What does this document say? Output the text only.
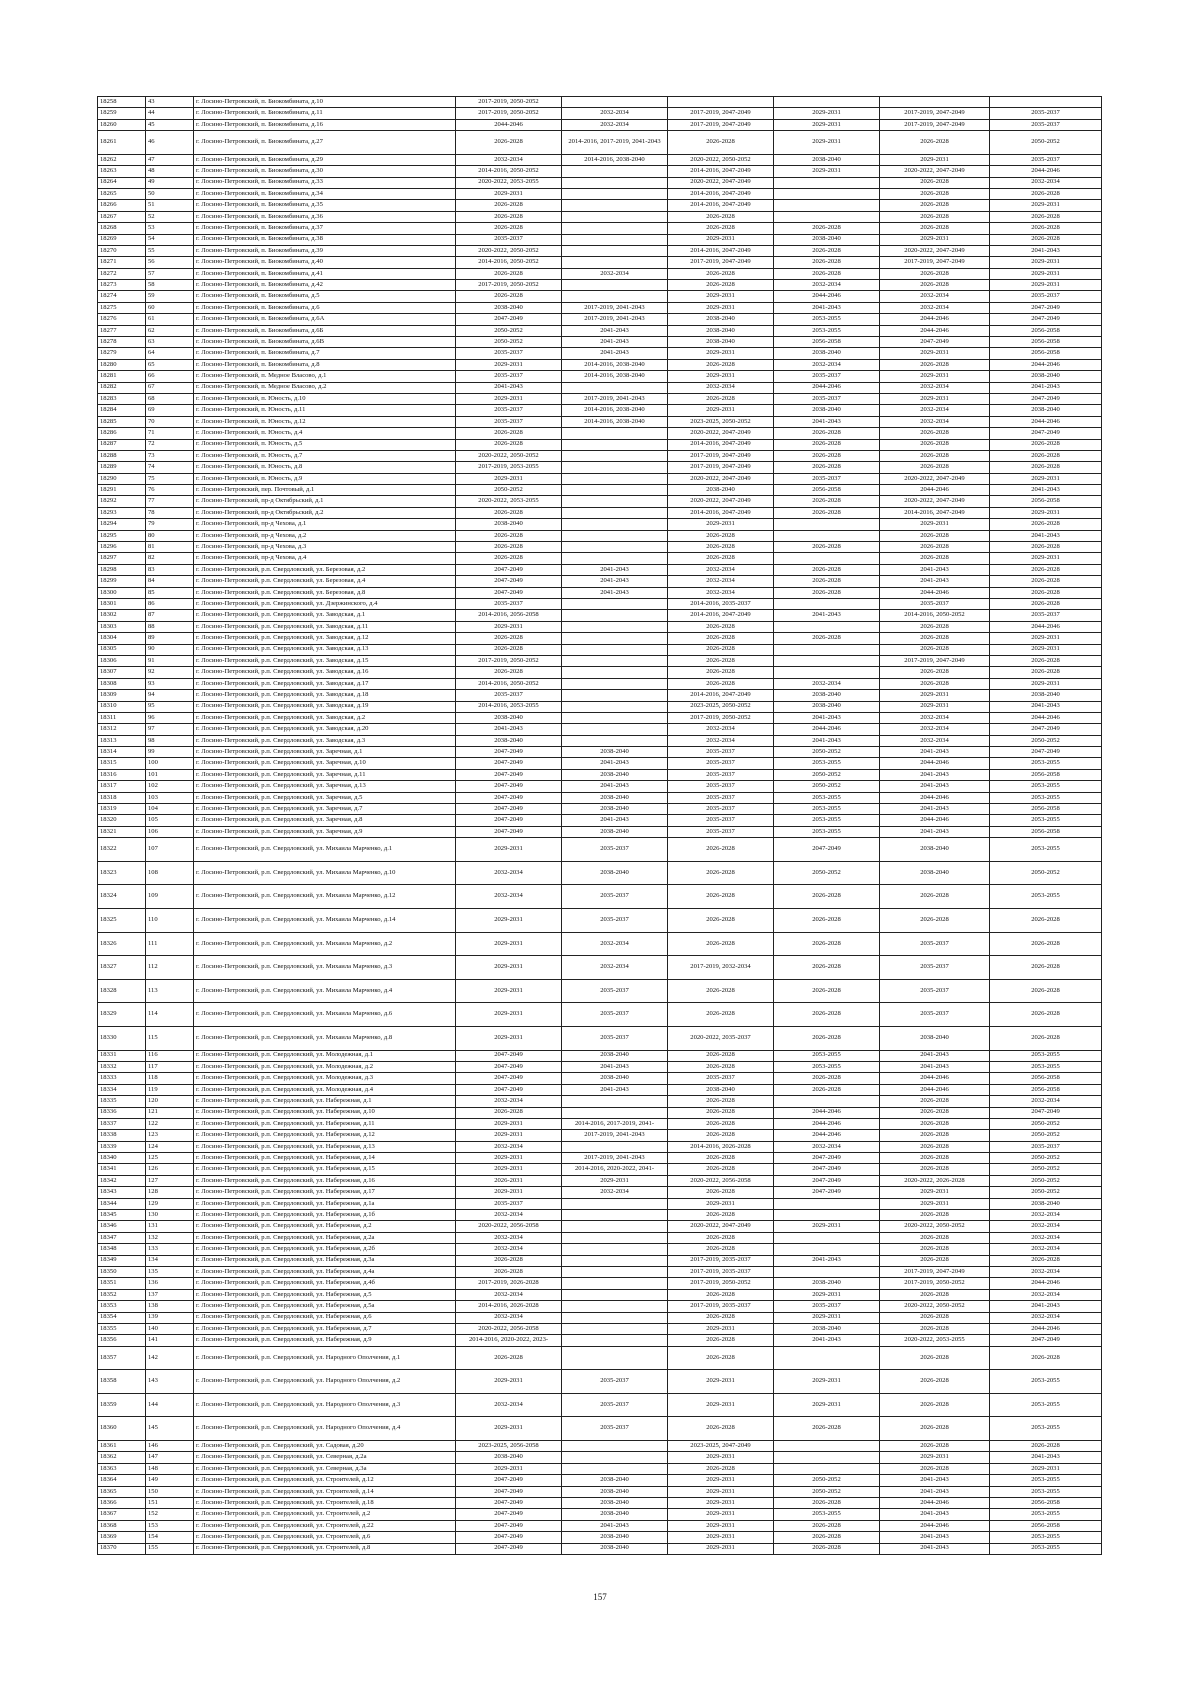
18258	43	г. Лосино-Петровский, п. Биокомбината, д.10	2017-2019, 2050-2052					
18259	44	г. Лосино-Петровский, п. Биокомбината, д.11	2017-2019, 2050-2052	2032-2034	2017-2019, 2047-2049	2029-2031	2017-2019, 2047-2049	2035-2037
18260	45	г. Лосино-Петровский, п. Биокомбината, д.16	2044-2046	2032-2034	2017-2019, 2047-2049	2029-2031	2017-2019, 2047-2049	2035-2037
18261	46	г. Лосино-Петровский, п. Биокомбината, д.27	2026-2028	2014-2016, 2017-2019, 2041-2043	2026-2028	2029-2031	2026-2028	2050-2052
18262	47	г. Лосино-Петровский, п. Биокомбината, д.29	2032-2034	2014-2016, 2038-2040	2020-2022, 2050-2052	2038-2040	2029-2031	2035-2037
18263	48	г. Лосино-Петровский, п. Биокомбината, д.30	2014-2016, 2050-2052		2014-2016, 2047-2049	2029-2031	2020-2022, 2047-2049	2044-2046
18264	49	г. Лосино-Петровский, п. Биокомбината, д.33	2020-2022, 2053-2055		2020-2022, 2047-2049		2026-2028	2032-2034
18265	50	г. Лосино-Петровский, п. Биокомбината, д.34	2029-2031		2014-2016, 2047-2049		2026-2028	2026-2028
18266	51	г. Лосино-Петровский, п. Биокомбината, д.35	2026-2028		2014-2016, 2047-2049		2026-2028	2029-2031
18267	52	г. Лосино-Петровский, п. Биокомбината, д.36	2026-2028		2026-2028		2026-2028	2026-2028
18268	53	г. Лосино-Петровский, п. Биокомбината, д.37	2026-2028		2026-2028	2026-2028	2026-2028	2026-2028
18269	54	г. Лосино-Петровский, п. Биокомбината, д.38	2035-2037		2029-2031	2038-2040	2029-2031	2026-2028
18270	55	г. Лосино-Петровский, п. Биокомбината, д.39	2020-2022, 2050-2052		2014-2016, 2047-2049	2026-2028	2020-2022, 2047-2049	2041-2043
18271	56	г. Лосино-Петровский, п. Биокомбината, д.40	2014-2016, 2050-2052		2017-2019, 2047-2049	2026-2028	2017-2019, 2047-2049	2029-2031
18272	57	г. Лосино-Петровский, п. Биокомбината, д.41	2026-2028	2032-2034	2026-2028	2026-2028	2026-2028	2029-2031
18273	58	г. Лосино-Петровский, п. Биокомбината, д.42	2017-2019, 2050-2052		2026-2028	2032-2034	2026-2028	2029-2031
18274	59	г. Лосино-Петровский, п. Биокомбината, д.5	2026-2028		2029-2031	2044-2046	2032-2034	2035-2037
18275	60	г. Лосино-Петровский, п. Биокомбината, д.6	2038-2040	2017-2019, 2041-2043	2029-2031	2041-2043	2032-2034	2047-2049
18276	61	г. Лосино-Петровский, п. Биокомбината, д.6А	2047-2049	2017-2019, 2041-2043	2038-2040	2053-2055	2044-2046	2047-2049
18277	62	г. Лосино-Петровский, п. Биокомбината, д.6Б	2050-2052	2041-2043	2038-2040	2053-2055	2044-2046	2056-2058
18278	63	г. Лосино-Петровский, п. Биокомбината, д.6В	2050-2052	2041-2043	2038-2040	2056-2058	2047-2049	2056-2058
18279	64	г. Лосино-Петровский, п. Биокомбината, д.7	2035-2037	2041-2043	2029-2031	2038-2040	2029-2031	2056-2058
18280	65	г. Лосино-Петровский, п. Биокомбината, д.8	2029-2031	2014-2016, 2038-2040	2026-2028	2032-2034	2026-2028	2044-2046
18281	66	г. Лосино-Петровский, п. Медное Власово, д.1	2035-2037	2014-2016, 2038-2040	2029-2031	2035-2037	2029-2031	2038-2040
18282	67	г. Лосино-Петровский, п. Медное Власово, д.2	2041-2043		2032-2034	2044-2046	2032-2034	2041-2043
18283	68	г. Лосино-Петровский, п. Юность, д.10	2029-2031	2017-2019, 2041-2043	2026-2028	2035-2037	2029-2031	2047-2049
18284	69	г. Лосино-Петровский, п. Юность, д.11	2035-2037	2014-2016, 2038-2040	2029-2031	2038-2040	2032-2034	2038-2040
18285	70	г. Лосино-Петровский, п. Юность, д.12	2035-2037	2014-2016, 2038-2040	2023-2025, 2050-2052	2041-2043	2032-2034	2044-2046
18286	71	г. Лосино-Петровский, п. Юность, д.4	2026-2028		2020-2022, 2047-2049	2026-2028	2026-2028	2047-2049
18287	72	г. Лосино-Петровский, п. Юность, д.5	2026-2028		2014-2016, 2047-2049	2026-2028	2026-2028	2026-2028
18288	73	г. Лосино-Петровский, п. Юность, д.7	2020-2022, 2050-2052		2017-2019, 2047-2049	2026-2028	2026-2028	2026-2028
18289	74	г. Лосино-Петровский, п. Юность, д.8	2017-2019, 2053-2055		2017-2019, 2047-2049	2026-2028	2026-2028	2026-2028
18290	75	г. Лосино-Петровский, п. Юность, д.9	2029-2031		2020-2022, 2047-2049	2035-2037	2020-2022, 2047-2049	2029-2031
18291	76	г. Лосино-Петровский, пер. Почтовый, д.1	2050-2052		2038-2040	2056-2058	2044-2046	2041-2043
18292	77	г. Лосино-Петровский, пр-д Октябрьский, д.1	2020-2022, 2053-2055		2020-2022, 2047-2049	2026-2028	2020-2022, 2047-2049	2056-2058
18293	78	г. Лосино-Петровский, пр-д Октябрьский, д.2	2026-2028		2014-2016, 2047-2049	2026-2028	2014-2016, 2047-2049	2029-2031
18294	79	г. Лосино-Петровский, пр-д Чехова, д.1	2038-2040		2029-2031		2029-2031	2026-2028
18295	80	г. Лосино-Петровский, пр-д Чехова, д.2	2026-2028		2026-2028		2026-2028	2041-2043
18296	81	г. Лосино-Петровский, пр-д Чехова, д.3	2026-2028		2026-2028	2026-2028	2026-2028	2026-2028
18297	82	г. Лосино-Петровский, пр-д Чехова, д.4	2026-2028		2026-2028		2026-2028	2029-2031
18298	83	г. Лосино-Петровский, р.п. Свердловский, ул. Березовая, д.2	2047-2049	2041-2043	2032-2034	2026-2028	2041-2043	2026-2028
18299	84	г. Лосино-Петровский, р.п. Свердловский, ул. Березовая, д.4	2047-2049	2041-2043	2032-2034	2026-2028	2041-2043	2026-2028
18300	85	г. Лосино-Петровский, р.п. Свердловский, ул. Березовая, д.8	2047-2049	2041-2043	2032-2034	2026-2028	2044-2046	2026-2028
18301	86	г. Лосино-Петровский, р.п. Свердловский, ул. Дзержинского, д.4	2035-2037		2014-2016, 2035-2037		2035-2037	2026-2028
18302	87	г. Лосино-Петровский, р.п. Свердловский, ул. Заводская, д.1	2014-2016, 2056-2058		2014-2016, 2047-2049	2041-2043	2014-2016, 2050-2052	2035-2037
18303	88	г. Лосино-Петровский, р.п. Свердловский, ул. Заводская, д.11	2029-2031		2026-2028		2026-2028	2044-2046
18304	89	г. Лосино-Петровский, р.п. Свердловский, ул. Заводская, д.12	2026-2028		2026-2028	2026-2028	2026-2028	2029-2031
18305	90	г. Лосино-Петровский, р.п. Свердловский, ул. Заводская, д.13	2026-2028		2026-2028		2026-2028	2029-2031
18306	91	г. Лосино-Петровский, р.п. Свердловский, ул. Заводская, д.15	2017-2019, 2050-2052		2026-2028		2017-2019, 2047-2049	2026-2028
18307	92	г. Лосино-Петровский, р.п. Свердловский, ул. Заводская, д.16	2026-2028		2026-2028		2026-2028	2026-2028
18308	93	г. Лосино-Петровский, р.п. Свердловский, ул. Заводская, д.17	2014-2016, 2050-2052		2026-2028	2032-2034	2026-2028	2029-2031
18309	94	г. Лосино-Петровский, р.п. Свердловский, ул. Заводская, д.18	2035-2037		2014-2016, 2047-2049	2038-2040	2029-2031	2038-2040
18310	95	г. Лосино-Петровский, р.п. Свердловский, ул. Заводская, д.19	2014-2016, 2053-2055		2023-2025, 2050-2052	2038-2040	2029-2031	2041-2043
18311	96	г. Лосино-Петровский, р.п. Свердловский, ул. Заводская, д.2	2038-2040		2017-2019, 2050-2052	2041-2043	2032-2034	2044-2046
18312	97	г. Лосино-Петровский, р.п. Свердловский, ул. Заводская, д.20	2041-2043		2032-2034	2044-2046	2032-2034	2047-2049
18313	98	г. Лосино-Петровский, р.п. Свердловский, ул. Заводская, д.3	2038-2040		2032-2034	2041-2043	2032-2034	2050-2052
18314	99	г. Лосино-Петровский, р.п. Свердловский, ул. Заречная, д.1	2047-2049	2038-2040	2035-2037	2050-2052	2041-2043	2047-2049
18315	100	г. Лосино-Петровский, р.п. Свердловский, ул. Заречная, д.10	2047-2049	2041-2043	2035-2037	2053-2055	2044-2046	2053-2055
18316	101	г. Лосино-Петровский, р.п. Свердловский, ул. Заречная, д.11	2047-2049	2038-2040	2035-2037	2050-2052	2041-2043	2056-2058
18317	102	г. Лосино-Петровский, р.п. Свердловский, ул. Заречная, д.13	2047-2049	2041-2043	2035-2037	2050-2052	2041-2043	2053-2055
18318	103	г. Лосино-Петровский, р.п. Свердловский, ул. Заречная, д.5	2047-2049	2038-2040	2035-2037	2053-2055	2044-2046	2053-2055
18319	104	г. Лосино-Петровский, р.п. Свердловский, ул. Заречная, д.7	2047-2049	2038-2040	2035-2037	2053-2055	2041-2043	2056-2058
18320	105	г. Лосино-Петровский, р.п. Свердловский, ул. Заречная, д.8	2047-2049	2041-2043	2035-2037	2053-2055	2044-2046	2053-2055
18321	106	г. Лосино-Петровский, р.п. Свердловский, ул. Заречная, д.9	2047-2049	2038-2040	2035-2037	2053-2055	2041-2043	2056-2058
18322	107	г. Лосино-Петровский, р.п. Свердловский, ул. Михаила Марченко, д.1	2029-2031	2035-2037	2026-2028	2047-2049	2038-2040	2053-2055
18323	108	г. Лосино-Петровский, р.п. Свердловский, ул. Михаила Марченко, д.10	2032-2034	2038-2040	2026-2028	2050-2052	2038-2040	2050-2052
18324	109	г. Лосино-Петровский, р.п. Свердловский, ул. Михаила Марченко, д.12	2032-2034	2035-2037	2026-2028	2026-2028	2026-2028	2053-2055
18325	110	г. Лосино-Петровский, р.п. Свердловский, ул. Михаила Марченко, д.14	2029-2031	2035-2037	2026-2028	2026-2028	2026-2028	2026-2028
18326	111	г. Лосино-Петровский, р.п. Свердловский, ул. Михаила Марченко, д.2	2029-2031	2032-2034	2026-2028	2026-2028	2035-2037	2026-2028
18327	112	г. Лосино-Петровский, р.п. Свердловский, ул. Михаила Марченко, д.3	2029-2031	2032-2034	2017-2019, 2032-2034	2026-2028	2035-2037	2026-2028
18328	113	г. Лосино-Петровский, р.п. Свердловский, ул. Михаила Марченко, д.4	2029-2031	2035-2037	2026-2028	2026-2028	2035-2037	2026-2028
18329	114	г. Лосино-Петровский, р.п. Свердловский, ул. Михаила Марченко, д.6	2029-2031	2035-2037	2026-2028	2026-2028	2035-2037	2026-2028
18330	115	г. Лосино-Петровский, р.п. Свердловский, ул. Михаила Марченко, д.8	2029-2031	2035-2037	2020-2022, 2035-2037	2026-2028	2038-2040	2026-2028
18331	116	г. Лосино-Петровский, р.п. Свердловский, ул. Молодежная, д.1	2047-2049	2038-2040	2026-2028	2053-2055	2041-2043	2053-2055
18332	117	г. Лосино-Петровский, р.п. Свердловский, ул. Молодежная, д.2	2047-2049	2041-2043	2026-2028	2053-2055	2041-2043	2053-2055
18333	118	г. Лосино-Петровский, р.п. Свердловский, ул. Молодежная, д.3	2047-2049	2038-2040	2035-2037	2026-2028	2044-2046	2056-2058
18334	119	г. Лосино-Петровский, р.п. Свердловский, ул. Молодежная, д.4	2047-2049	2041-2043	2038-2040	2026-2028	2044-2046	2056-2058
18335	120	г. Лосино-Петровский, р.п. Свердловский, ул. Набережная, д.1	2032-2034		2026-2028		2026-2028	2032-2034
18336	121	г. Лосино-Петровский, р.п. Свердловский, ул. Набережная, д.10	2026-2028		2026-2028	2044-2046	2026-2028	2047-2049
18337	122	г. Лосино-Петровский, р.п. Свердловский, ул. Набережная, д.11	2029-2031	2014-2016, 2017-2019, 2041-	2026-2028	2044-2046	2026-2028	2050-2052
18338	123	г. Лосино-Петровский, р.п. Свердловский, ул. Набережная, д.12	2029-2031	2017-2019, 2041-2043	2026-2028	2044-2046	2026-2028	2050-2052
18339	124	г. Лосино-Петровский, р.п. Свердловский, ул. Набережная, д.13	2032-2034		2014-2016, 2026-2028	2032-2034	2026-2028	2035-2037
18340	125	г. Лосино-Петровский, р.п. Свердловский, ул. Набережная, д.14	2029-2031	2017-2019, 2041-2043	2026-2028	2047-2049	2026-2028	2050-2052
18341	126	г. Лосино-Петровский, р.п. Свердловский, ул. Набережная, д.15	2029-2031	2014-2016, 2020-2022, 2041-	2026-2028	2047-2049	2026-2028	2050-2052
18342	127	г. Лосино-Петровский, р.п. Свердловский, ул. Набережная, д.16	2026-2031	2029-2031	2020-2022, 2056-2058	2047-2049	2020-2022, 2026-2028	2050-2052
18343	128	г. Лосино-Петровский, р.п. Свердловский, ул. Набережная, д.17	2029-2031	2032-2034	2026-2028	2047-2049	2029-2031	2050-2052
18344	129	г. Лосино-Петровский, р.п. Свердловский, ул. Набережная, д.1а	2035-2037		2029-2031		2029-2031	2038-2040
18345	130	г. Лосино-Петровский, р.п. Свердловский, ул. Набережная, д.1б	2032-2034		2026-2028		2026-2028	2032-2034
18346	131	г. Лосино-Петровский, р.п. Свердловский, ул. Набережная, д.2	2020-2022, 2056-2058		2020-2022, 2047-2049	2029-2031	2020-2022, 2050-2052	2032-2034
18347	132	г. Лосино-Петровский, р.п. Свердловский, ул. Набережная, д.2а	2032-2034		2026-2028		2026-2028	2032-2034
18348	133	г. Лосино-Петровский, р.п. Свердловский, ул. Набережная, д.2б	2032-2034		2026-2028		2026-2028	2032-2034
18349	134	г. Лосино-Петровский, р.п. Свердловский, ул. Набережная, д.3а	2026-2028		2017-2019, 2035-2037	2041-2043	2026-2028	2026-2028
18350	135	г. Лосино-Петровский, р.п. Свердловский, ул. Набережная, д.4а	2026-2028		2017-2019, 2035-2037		2017-2019, 2047-2049	2032-2034
18351	136	г. Лосино-Петровский, р.п. Свердловский, ул. Набережная, д.4б	2017-2019, 2026-2028		2017-2019, 2050-2052	2038-2040	2017-2019, 2050-2052	2044-2046
18352	137	г. Лосино-Петровский, р.п. Свердловский, ул. Набережная, д.5	2032-2034		2026-2028	2029-2031	2026-2028	2032-2034
18353	138	г. Лосино-Петровский, р.п. Свердловский, ул. Набережная, д.5а	2014-2016, 2026-2028		2017-2019, 2035-2037	2035-2037	2020-2022, 2050-2052	2041-2043
18354	139	г. Лосино-Петровский, р.п. Свердловский, ул. Набережная, д.6	2032-2034		2026-2028	2029-2031	2026-2028	2032-2034
18355	140	г. Лосино-Петровский, р.п. Свердловский, ул. Набережная, д.7	2020-2022, 2056-2058		2029-2031	2038-2040	2026-2028	2044-2046
18356	141	г. Лосино-Петровский, р.п. Свердловский, ул. Набережная, д.9	2014-2016, 2020-2022, 2023-		2026-2028	2041-2043	2020-2022, 2053-2055	2047-2049
18357	142	г. Лосино-Петровский, р.п. Свердловский, ул. Народного Ополчения, д.1	2026-2028		2026-2028		2026-2028	2026-2028
18358	143	г. Лосино-Петровский, р.п. Свердловский, ул. Народного Ополчения, д.2	2029-2031	2035-2037	2029-2031	2029-2031	2026-2028	2053-2055
18359	144	г. Лосино-Петровский, р.п. Свердловский, ул. Народного Ополчения, д.3	2032-2034	2035-2037	2029-2031	2029-2031	2026-2028	2053-2055
18360	145	г. Лосино-Петровский, р.п. Свердловский, ул. Народного Ополчения, д.4	2029-2031	2035-2037	2026-2028	2026-2028	2026-2028	2053-2055
18361	146	г. Лосино-Петровский, р.п. Свердловский, ул. Садовая, д.20	2023-2025, 2056-2058		2023-2025, 2047-2049		2026-2028	2026-2028
18362	147	г. Лосино-Петровский, р.п. Свердловский, ул. Северная, д.2а	2038-2040		2029-2031		2029-2031	2041-2043
18363	148	г. Лосино-Петровский, р.п. Свердловский, ул. Северная, д.3а	2029-2031		2026-2028		2026-2028	2029-2031
18364	149	г. Лосино-Петровский, р.п. Свердловский, ул. Строителей, д.12	2047-2049	2038-2040	2029-2031	2050-2052	2041-2043	2053-2055
18365	150	г. Лосино-Петровский, р.п. Свердловский, ул. Строителей, д.14	2047-2049	2038-2040	2029-2031	2050-2052	2041-2043	2053-2055
18366	151	г. Лосино-Петровский, р.п. Свердловский, ул. Строителей, д.18	2047-2049	2038-2040	2029-2031	2026-2028	2044-2046	2056-2058
18367	152	г. Лосино-Петровский, р.п. Свердловский, ул. Строителей, д.2	2047-2049	2038-2040	2029-2031	2053-2055	2041-2043	2053-2055
18368	153	г. Лосино-Петровский, р.п. Свердловский, ул. Строителей, д.22	2047-2049	2041-2043	2029-2031	2026-2028	2044-2046	2056-2058
18369	154	г. Лосино-Петровский, р.п. Свердловский, ул. Строителей, д.6	2047-2049	2038-2040	2029-2031	2026-2028	2041-2043	2053-2055
18370	155	г. Лосино-Петровский, р.п. Свердловский, ул. Строителей, д.8	2047-2049	2038-2040	2029-2031	2026-2028	2041-2043	2053-2055
157
